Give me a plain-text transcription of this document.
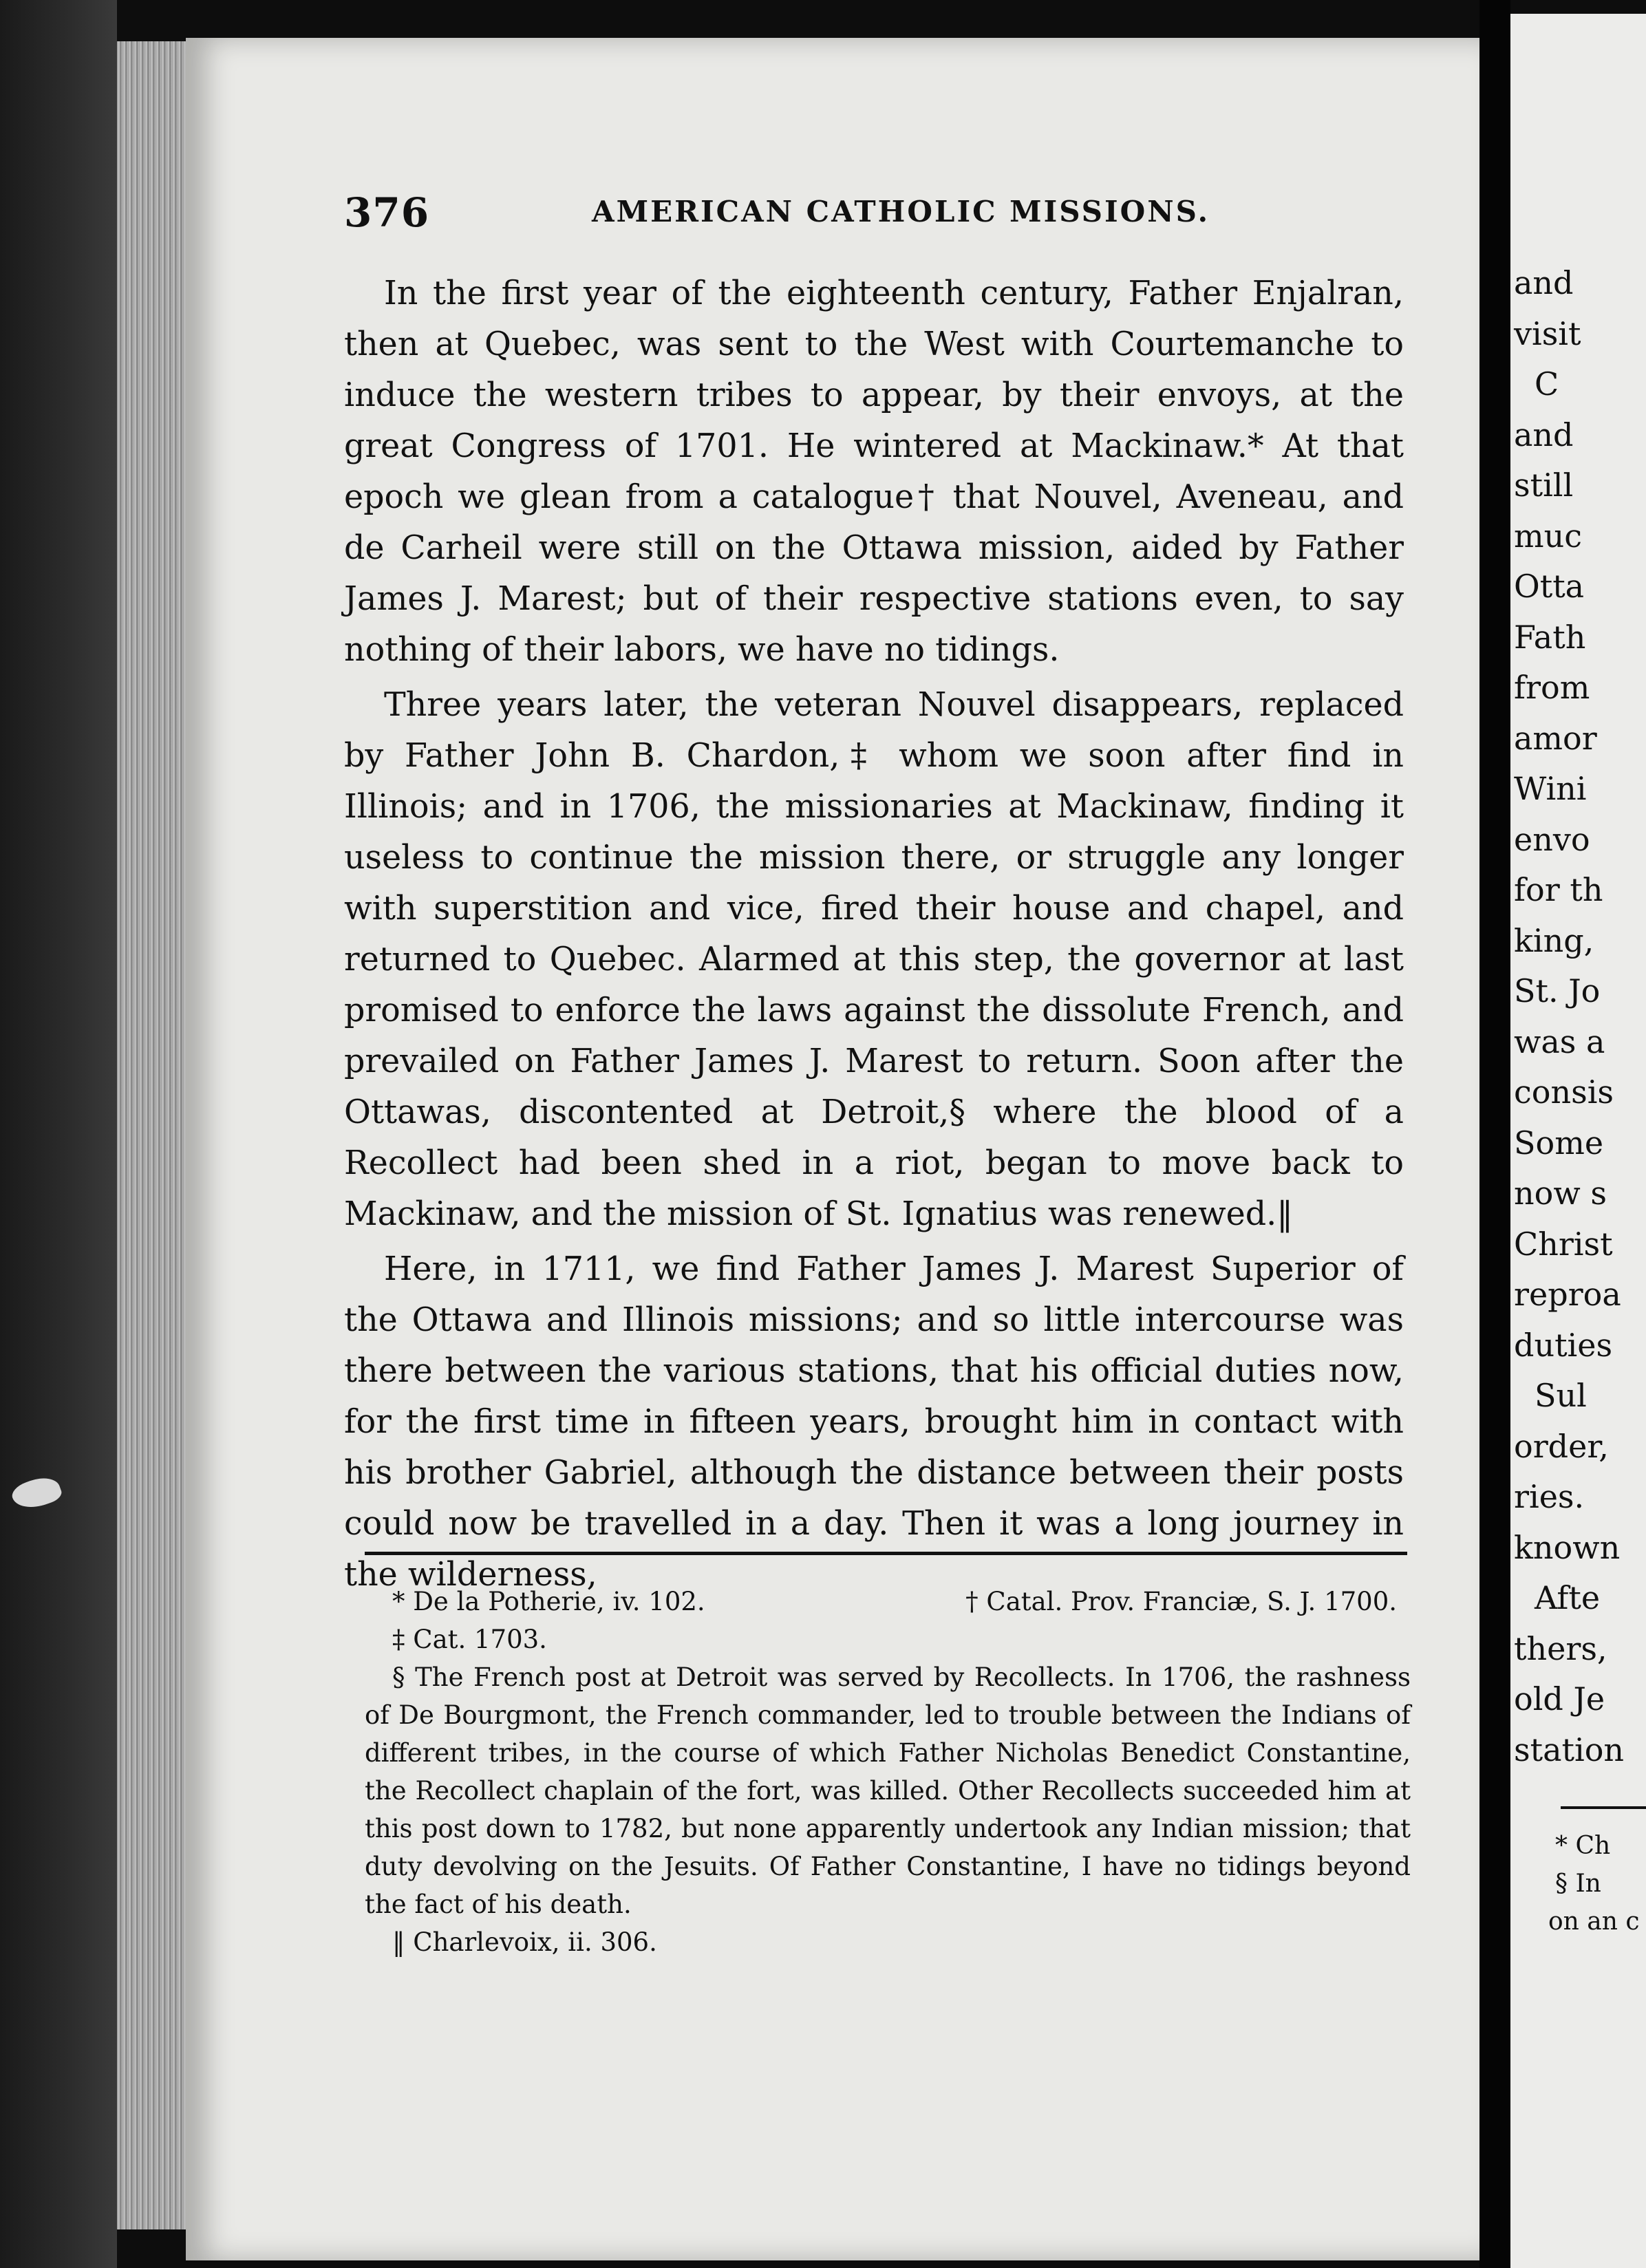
376	AMERICAN CATHOLIC MISSIONS.

In the first year of the eighteenth century, Father Enjalran, then at Quebec, was sent to the West with Courtemanche to induce the western tribes to appear, by their envoys, at the great Congress of 1701. He wintered at Mackinaw.* At that epoch we glean from a catalogue† that Nouvel, Aveneau, and de Carheil were still on the Ottawa mission, aided by Father James J. Marest; but of their respective stations even, to say nothing of their labors, we have no tidings.

Three years later, the veteran Nouvel disappears, replaced by Father John B. Chardon,‡ whom we soon after find in Illinois; and in 1706, the missionaries at Mackinaw, finding it useless to continue the mission there, or struggle any longer with superstition and vice, fired their house and chapel, and returned to Quebec. Alarmed at this step, the governor at last promised to enforce the laws against the dissolute French, and prevailed on Father James J. Marest to return. Soon after the Ottawas, discontented at Detroit,§ where the blood of a Recollect had been shed in a riot, began to move back to Mackinaw, and the mission of St. Ignatius was renewed.‖

Here, in 1711, we find Father James J. Marest Superior of the Ottawa and Illinois missions; and so little intercourse was there between the various stations, that his official duties now, for the first time in fifteen years, brought him in contact with his brother Gabriel, although the distance between their posts could now be travelled in a day. Then it was a long journey in the wilderness,

* De la Potherie, iv. 102.	† Catal. Prov. Franciæ, S. J. 1700.

‡ Cat. 1703.

§ The French post at Detroit was served by Recollects. In 1706, the rashness of De Bourgmont, the French commander, led to trouble between the Indians of different tribes, in the course of which Father Nicholas Benedict Constantine, the Recollect chaplain of the fort, was killed. Other Recollects succeeded him at this post down to 1782, but none apparently undertook any Indian mission; that duty devolving on the Jesuits. Of Father Constantine, I have no tidings beyond the fact of his death.

‖ Charlevoix, ii. 306.

and
visit
C
and
still
muc
Otta
Fath
from
amor
Wini
envo
for th
king,
St. Jo
was a
consis
Some
now s
Christ
reproa
duties
Sul
order,
ries.
known
Afte
thers,
old Je
station
* Ch
§ In
on an c
